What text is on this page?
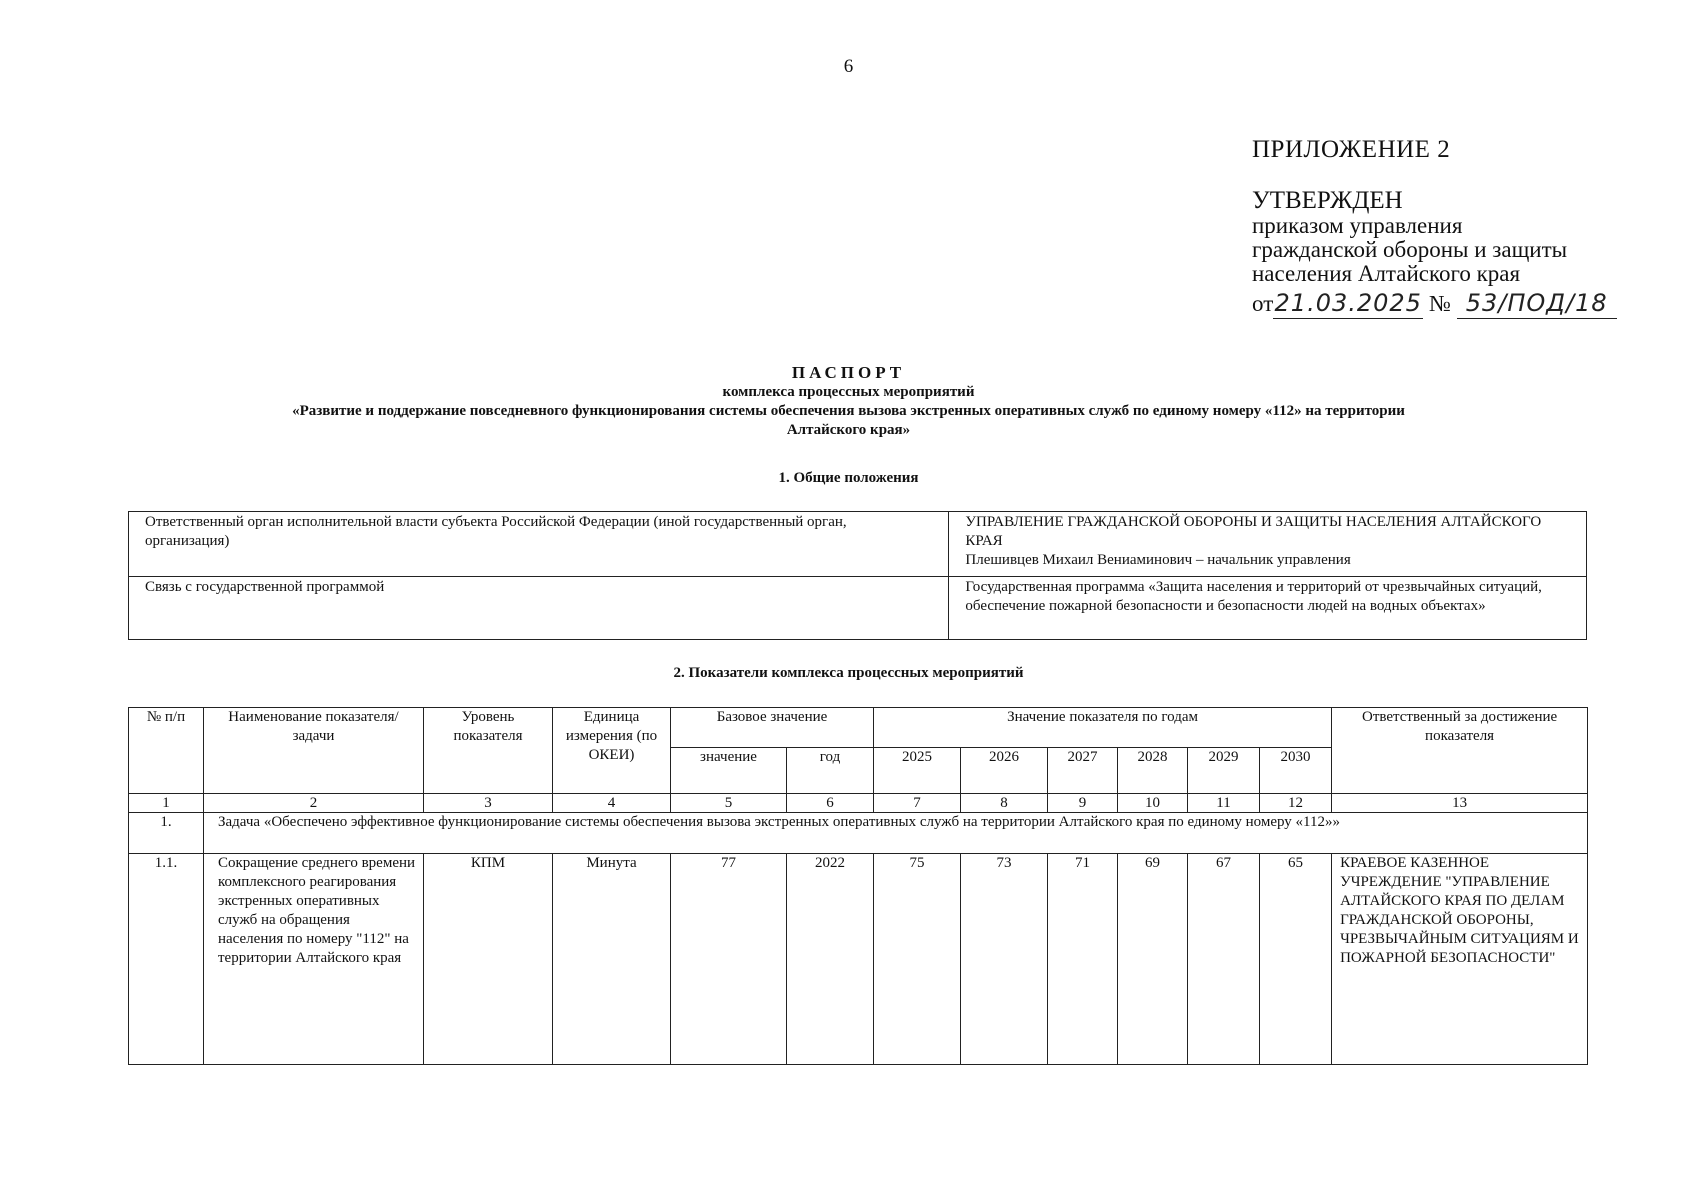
6
ПРИЛОЖЕНИЕ 2
УТВЕРЖДЕН
приказом управления
гражданской обороны и защиты
населения Алтайского края
от21.03.2025 № 53/ПОД/18
ПАСПОРТ
комплекса процессных мероприятий
«Развитие и поддержание повседневного функционирования системы обеспечения вызова экстренных оперативных служб по единому номеру «112» на территории
Алтайского края»
1. Общие положения
Ответственный орган исполнительной власти субъекта Российской Федерации (иной государственный орган, организация)	УПРАВЛЕНИЕ ГРАЖДАНСКОЙ ОБОРОНЫ И ЗАЩИТЫ НАСЕЛЕНИЯ АЛТАЙСКОГО КРАЯ
Плешивцев Михаил Вениаминович – начальник управления

Связь с государственной программой	Государственная программа «Защита населения и территорий от чрезвычайных ситуаций, обеспечение пожарной безопасности и безопасности людей на водных объектах»
2. Показатели комплекса процессных мероприятий
№ п/п	Наименование показателя/задачи	Уровень показателя	Единица измерения (по ОКЕИ)	Базовое значение		Значение показателя по годам						Ответственный за достижение показателя
				значение	год	2025	2026	2027	2028	2029	2030	
1	2	3	4	5	6	7	8	9	10	11	12	13
1.	Задача «Обеспечено эффективное функционирование системы обеспечения вызова экстренных оперативных служб на территории Алтайского края по единому номеру «112»»											
1.1.	Сокращение среднего времени комплексного реагирования экстренных оперативных служб на обращения населения по номеру "112" на территории Алтайского края	КПМ	Минута	77	2022	75	73	71	69	67	65	КРАЕВОЕ КАЗЕННОЕ УЧРЕЖДЕНИЕ "УПРАВЛЕНИЕ АЛТАЙСКОГО КРАЯ ПО ДЕЛАМ ГРАЖДАНСКОЙ ОБОРОНЫ, ЧРЕЗВЫЧАЙНЫМ СИТУАЦИЯМ И ПОЖАРНОЙ БЕЗОПАСНОСТИ"
